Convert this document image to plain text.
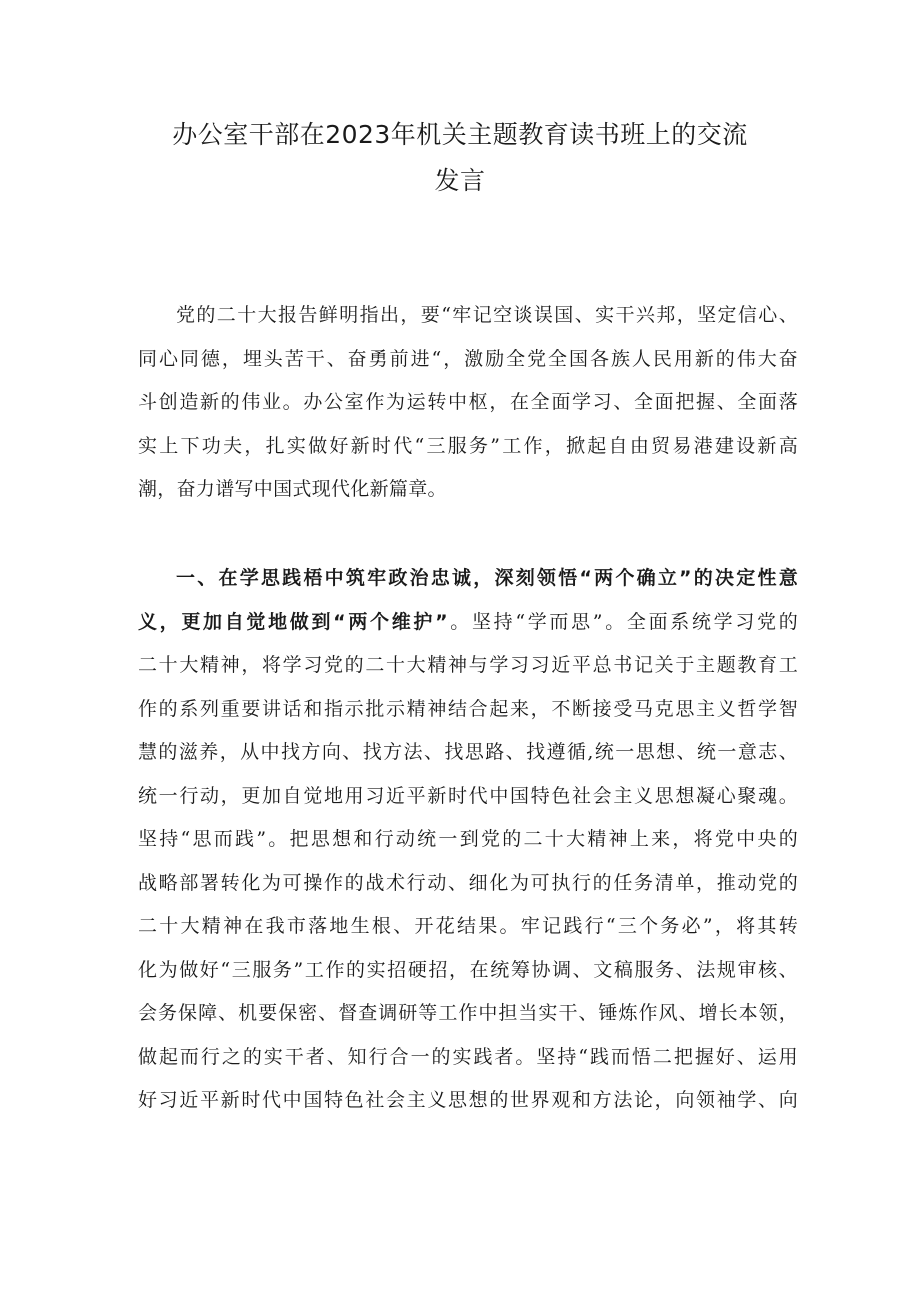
办公室干部在2023年机关主题教育读书班上的交流
发言
党的二十大报告鲜明指出，要“牢记空谈误国、实干兴邦，坚定信心、
同心同德，埋头苦干、奋勇前进“，激励全党全国各族人民用新的伟大奋
斗创造新的伟业。办公室作为运转中枢，在全面学习、全面把握、全面落
实上下功夫，扎实做好新时代“三服务”工作，掀起自由贸易港建设新高
潮，奋力谱写中国式现代化新篇章。
一、在学思践梧中筑牢政治忠诚，深刻领悟“两个确立”的决定性意
义，更加自觉地做到“两个维护”。坚持“学而思”。全面系统学习党的
二十大精神，将学习党的二十大精神与学习习近平总书记关于主题教育工
作的系列重要讲话和指示批示精神结合起来，不断接受马克思主义哲学智
慧的滋养，从中找方向、找方法、找思路、找遵循,统一思想、统一意志、
统一行动，更加自觉地用习近平新时代中国特色社会主义思想凝心聚魂。
坚持“思而践”。把思想和行动统一到党的二十大精神上来，将党中央的
战略部署转化为可操作的战术行动、细化为可执行的任务清单，推动党的
二十大精神在我市落地生根、开花结果。牢记践行“三个务必”，将其转
化为做好“三服务”工作的实招硬招，在统筹协调、文稿服务、法规审核、
会务保障、机要保密、督查调研等工作中担当实干、锤炼作风、增长本领，
做起而行之的实干者、知行合一的实践者。坚持“践而悟二把握好、运用
好习近平新时代中国特色社会主义思想的世界观和方法论，向领袖学、向
